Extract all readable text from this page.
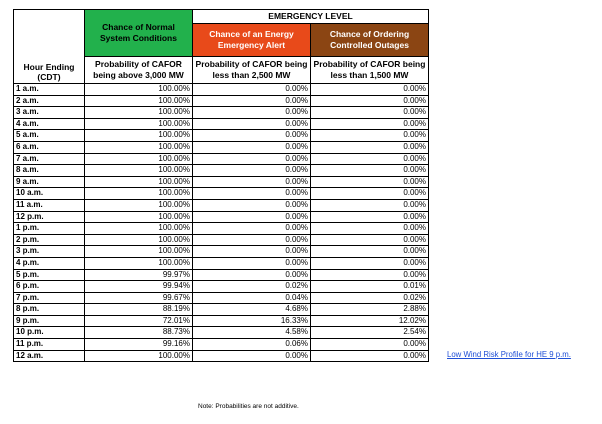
	Chance of Normal System Conditions	EMERGENCY LEVEL	
		Chance of an Energy Emergency Alert	Chance of Ordering Controlled Outages
Hour Ending (CDT)	Probability of CAFOR being above 3,000 MW	Probability of CAFOR being less than 2,500 MW	Probability of CAFOR being less than 1,500 MW
1 a.m.	100.00%	0.00%	0.00%
2 a.m.	100.00%	0.00%	0.00%
3 a.m.	100.00%	0.00%	0.00%
4 a.m.	100.00%	0.00%	0.00%
5 a.m.	100.00%	0.00%	0.00%
6 a.m.	100.00%	0.00%	0.00%
7 a.m.	100.00%	0.00%	0.00%
8 a.m.	100.00%	0.00%	0.00%
9 a.m.	100.00%	0.00%	0.00%
10 a.m.	100.00%	0.00%	0.00%
11 a.m.	100.00%	0.00%	0.00%
12 p.m.	100.00%	0.00%	0.00%
1 p.m.	100.00%	0.00%	0.00%
2 p.m.	100.00%	0.00%	0.00%
3 p.m.	100.00%	0.00%	0.00%
4 p.m.	100.00%	0.00%	0.00%
5 p.m.	99.97%	0.00%	0.00%
6 p.m.	99.94%	0.02%	0.01%
7 p.m.	99.67%	0.04%	0.02%
8 p.m.	88.19%	4.68%	2.88%
9 p.m.	72.01%	16.33%	12.02%
10 p.m.	88.73%	4.58%	2.54%
11 p.m.	99.16%	0.06%	0.00%
12 a.m.	100.00%	0.00%	0.00%
Note: Probabilities are not additive.
Low Wind Risk Profile for HE 9 p.m.
